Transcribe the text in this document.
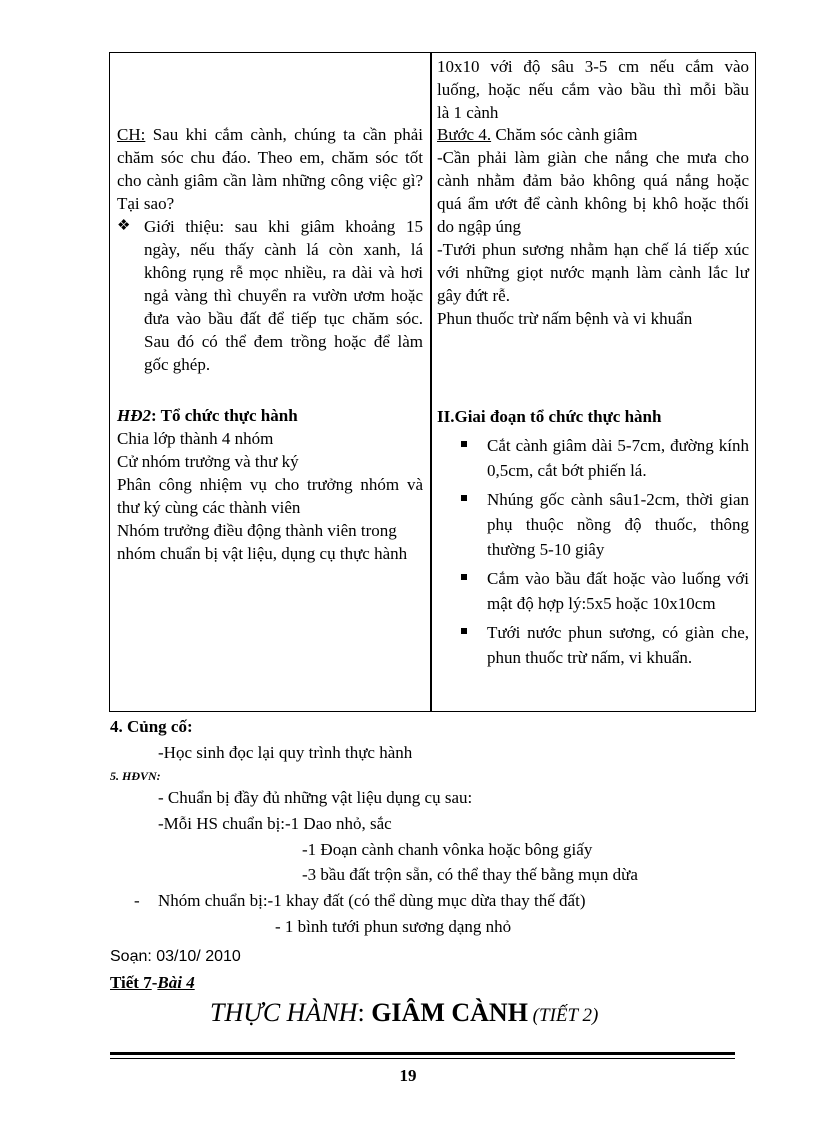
10x10 với độ sâu 3-5 cm nếu cắm vào
luống, hoặc nếu cắm vào bầu thì mỗi bầu
là 1 cành
CH: Sau khi cắm cành, chúng ta cần phải chăm sóc chu đáo. Theo em, chăm sóc tốt cho cành giâm cần làm những công việc gì? Tại sao?
❖ Giới thiệu: sau khi giâm khoảng 15 ngày, nếu thấy cành lá còn xanh, lá không rụng rễ mọc nhiều, ra dài và hơi ngả vàng thì chuyển ra vườn ươm hoặc đưa vào bầu đất để tiếp tục chăm sóc. Sau đó có thể đem trồng hoặc để làm gốc ghép.
Bước 4. Chăm sóc cành giâm
-Cần phải làm giàn che nắng che mưa cho cành nhằm đảm bảo không quá nắng hoặc quá ẩm ướt để cành không bị khô hoặc thối do ngập úng
-Tưới phun sương nhằm hạn chế lá tiếp xúc với những giọt nước mạnh làm cành lắc lư gây đứt rễ.
Phun thuốc trừ nấm bệnh và vi khuẩn
HĐ2: Tổ chức thực hành
Chia lớp thành 4 nhóm
Cử nhóm trưởng và thư ký
Phân công nhiệm vụ cho trưởng nhóm và thư ký cùng các thành viên
Nhóm trưởng điều động thành viên trong nhóm chuẩn bị vật liệu, dụng cụ thực hành
II.Giai đoạn tổ chức thực hành
Cắt cành giâm dài 5-7cm, đường kính 0,5cm, cắt bớt phiến lá.
Nhúng gốc cành sâu1-2cm, thời gian phụ thuộc nồng độ thuốc, thông thường 5-10 giây
Cắm vào bầu đất hoặc vào luống với mật độ hợp lý:5x5 hoặc 10x10cm
Tưới nước phun sương, có giàn che, phun thuốc trừ nấm, vi khuẩn.
4. Củng cố:
-Học sinh đọc lại quy trình thực hành
5. HĐVN:
- Chuẩn bị đầy đủ những vật liệu dụng cụ sau:
-Mỗi HS chuẩn bị:-1 Dao nhỏ, sắc
-1 Đoạn cành chanh vônka hoặc bông giấy
-3 bầu đất trộn sẵn, có thể thay thế bằng mụn dừa
- Nhóm chuẩn bị:-1 khay đất (có thể dùng mục dừa thay thế đất)
- 1 bình tưới phun sương dạng nhỏ
Soạn: 03/10/ 2010
Tiết 7-Bài 4
THỰC HÀNH: GIÂM CÀNH (TIẾT 2)
19
